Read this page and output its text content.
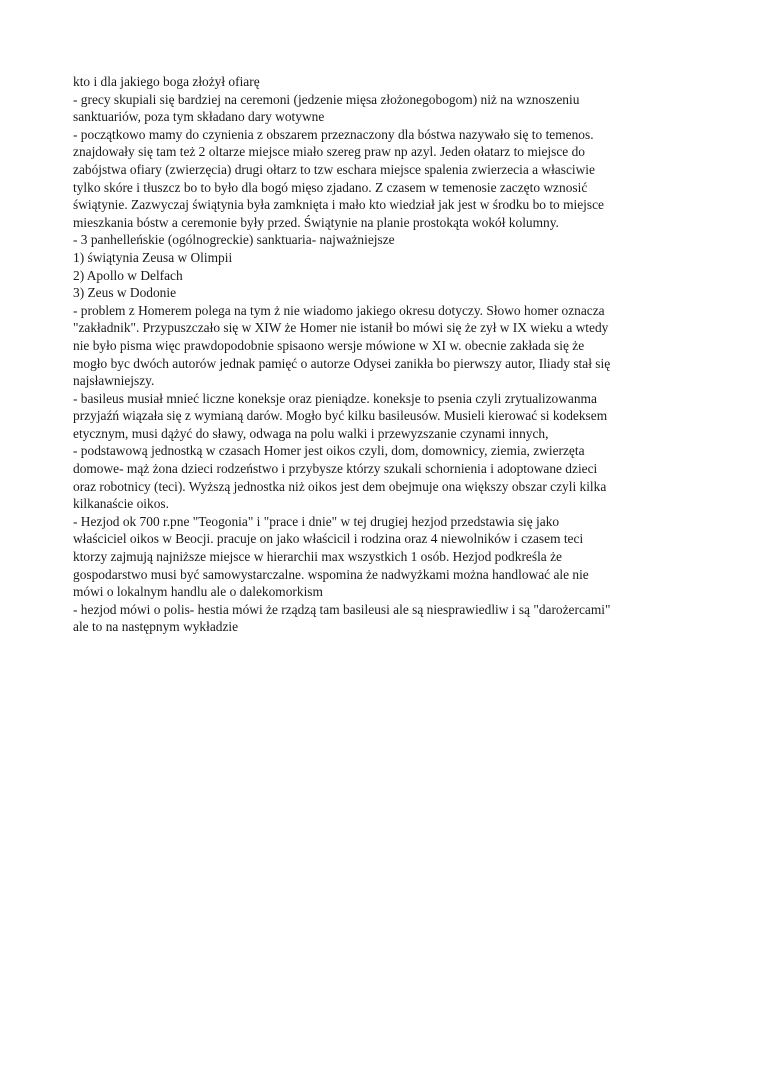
kto i dla jakiego boga złożył ofiarę
- grecy skupiali się bardziej na ceremoni (jedzenie mięsa złożonegobogom) niż na wznoszeniu
sanktuariów, poza tym składano dary wotywne
- początkowo mamy do czynienia z obszarem przeznaczony dla bóstwa nazywało się to temenos.
znajdowały się tam też 2 oltarze miejsce miało szereg praw np azyl. Jeden ołatarz to miejsce do
zabójstwa ofiary (zwierzęcia) drugi ołtarz to tzw eschara miejsce spalenia zwierzecia a własciwie
tylko skóre i tłuszcz bo to było dla bogó mięso zjadano. Z czasem w temenosie zaczęto wznosić
świątynie. Zazwyczaj świątynia była zamknięta i mało kto wiedział jak jest w środku bo to miejsce
mieszkania bóstw a ceremonie były przed. Świątynie na planie prostokąta wokół kolumny.
- 3 panhelleńskie (ogólnogreckie) sanktuaria- najważniejsze
1) świątynia Zeusa w Olimpii
2) Apollo w Delfach
3) Zeus w Dodonie
- problem z Homerem polega na tym ż nie wiadomo jakiego okresu dotyczy. Słowo homer oznacza
"zakładnik". Przypuszczało się w XIW że Homer nie istanił bo mówi się że zył w IX wieku a wtedy
nie było pisma więc prawdopodobnie spisaono wersje mówione w XI w. obecnie zakłada się że
mogło byc dwóch autorów jednak pamięć o autorze Odysei zanikła bo pierwszy autor, Iliady stał się
najsławniejszy.
- basileus musiał mnieć liczne koneksje oraz pieniądze. koneksje to psenia czyli zrytualizowanma
przyjaźń wiązała się z wymianą darów. Mogło być kilku basileusów. Musieli kierować si kodeksem
etycznym, musi dążyć do sławy, odwaga na polu walki i przewyzszanie czynami innych,
- podstawową jednostką w czasach Homer jest oikos czyli, dom, domownicy, ziemia, zwierzęta
domowe- mąż żona dzieci rodzeństwo i przybysze którzy szukali schornienia i adoptowane dzieci
oraz robotnicy (teci). Wyższą jednostka niż oikos jest dem obejmuje ona większy obszar czyli kilka
kilkanaście oikos.
- Hezjod ok 700 r.pne "Teogonia" i "prace i dnie" w tej drugiej hezjod przedstawia się jako
właściciel oikos w Beocji. pracuje on jako właścicil i rodzina oraz 4 niewolników i czasem teci
ktorzy zajmują najniższe miejsce w hierarchii max wszystkich 1 osób. Hezjod podkreśla że
gospodarstwo musi być samowystarczalne. wspomina że nadwyżkami można handlować ale nie
mówi o lokalnym handlu ale o dalekomorkism
- hezjod mówi o polis- hestia mówi że rządzą tam basileusi ale są niesprawiedliw i są "darożercami"
ale to na następnym wykładzie
